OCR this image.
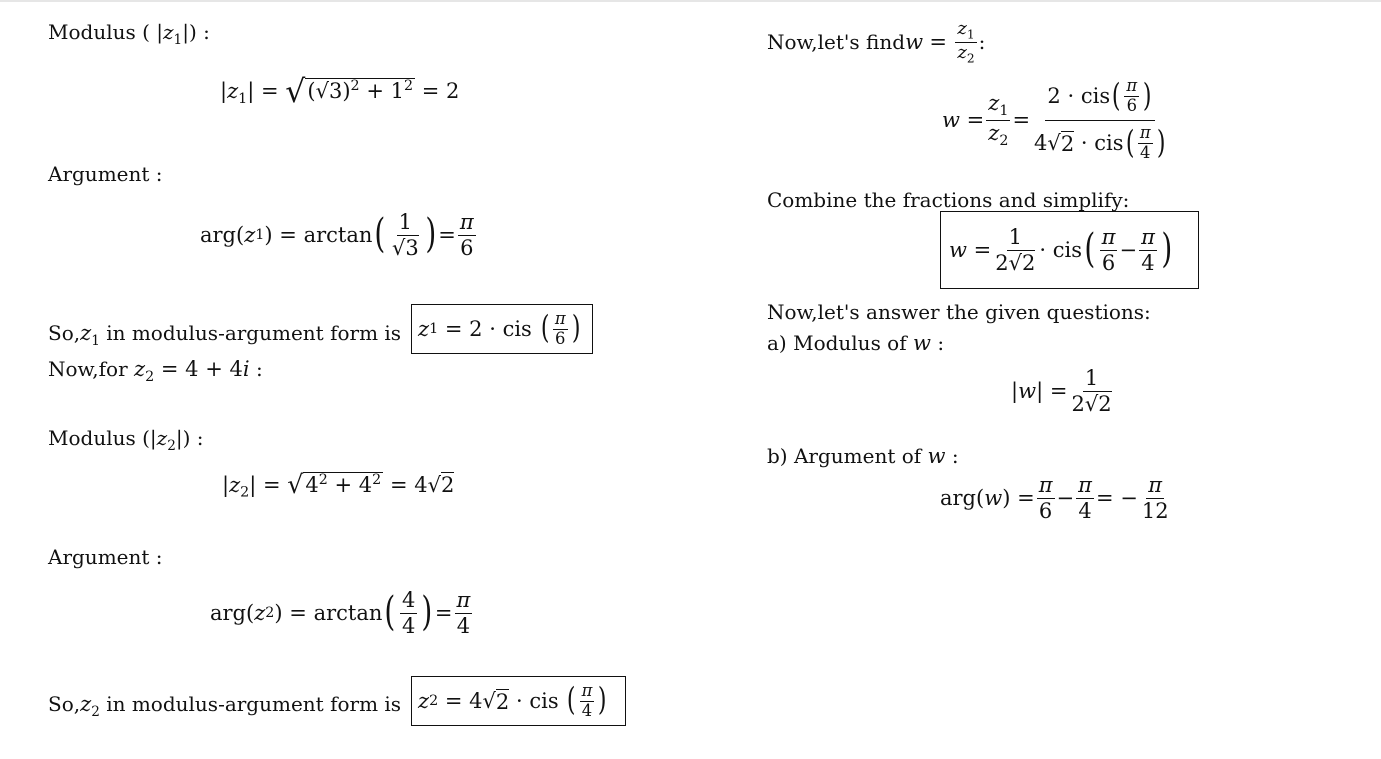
Modulus ( $|z_1|$) :
$|z_1| = √(√3)^2 + 1^2 = 2$
Argument :
arg ( z 1 )
=
arctan ( $\frac{1}{√3}$ ) = $\frac{\pi}{6}$
$So,z_1$ in modulus-argument form is z 1
=
2
·
cis
( $\frac{\pi}{6}$ )
Now,for $z_2 = 4 + 4i$ :
Modulus $(|z_2|)$ :
$|z_2| = √4^2 + 4^2 = 4√2$
Argument :
arg ( z 2 )
=
arctan ( $\frac{4}{4}$ ) = $\frac{\pi}{4}$
$So,z_2$ in modulus-argument form is z 2
=
4 √ 2
·
cis
( $\frac{\pi}{4}$ )
Now,let's find w
=
$\frac{z_1}{z_2}$ :
w
= $\frac{z_1}{z_2} = 2$
·
cis ( $\frac{\pi}{6}$ )
4 √ 2
·
cis ( $\frac{\pi}{4}$ )
Combine the fractions and simplify:
w
= $\frac{1}{2√2}$ ·
cis ( $\frac{\pi}{6} - \frac{\pi}{4}$ )
Now,let's answer the given questions:
a) Modulus of w :
| w |
= $\frac{1}{2√2}$
b) Argument of w :
arg ( w )
= $\frac{\pi}{6} - \frac{\pi}{4}$ =
− $\frac{\pi}{12}$
